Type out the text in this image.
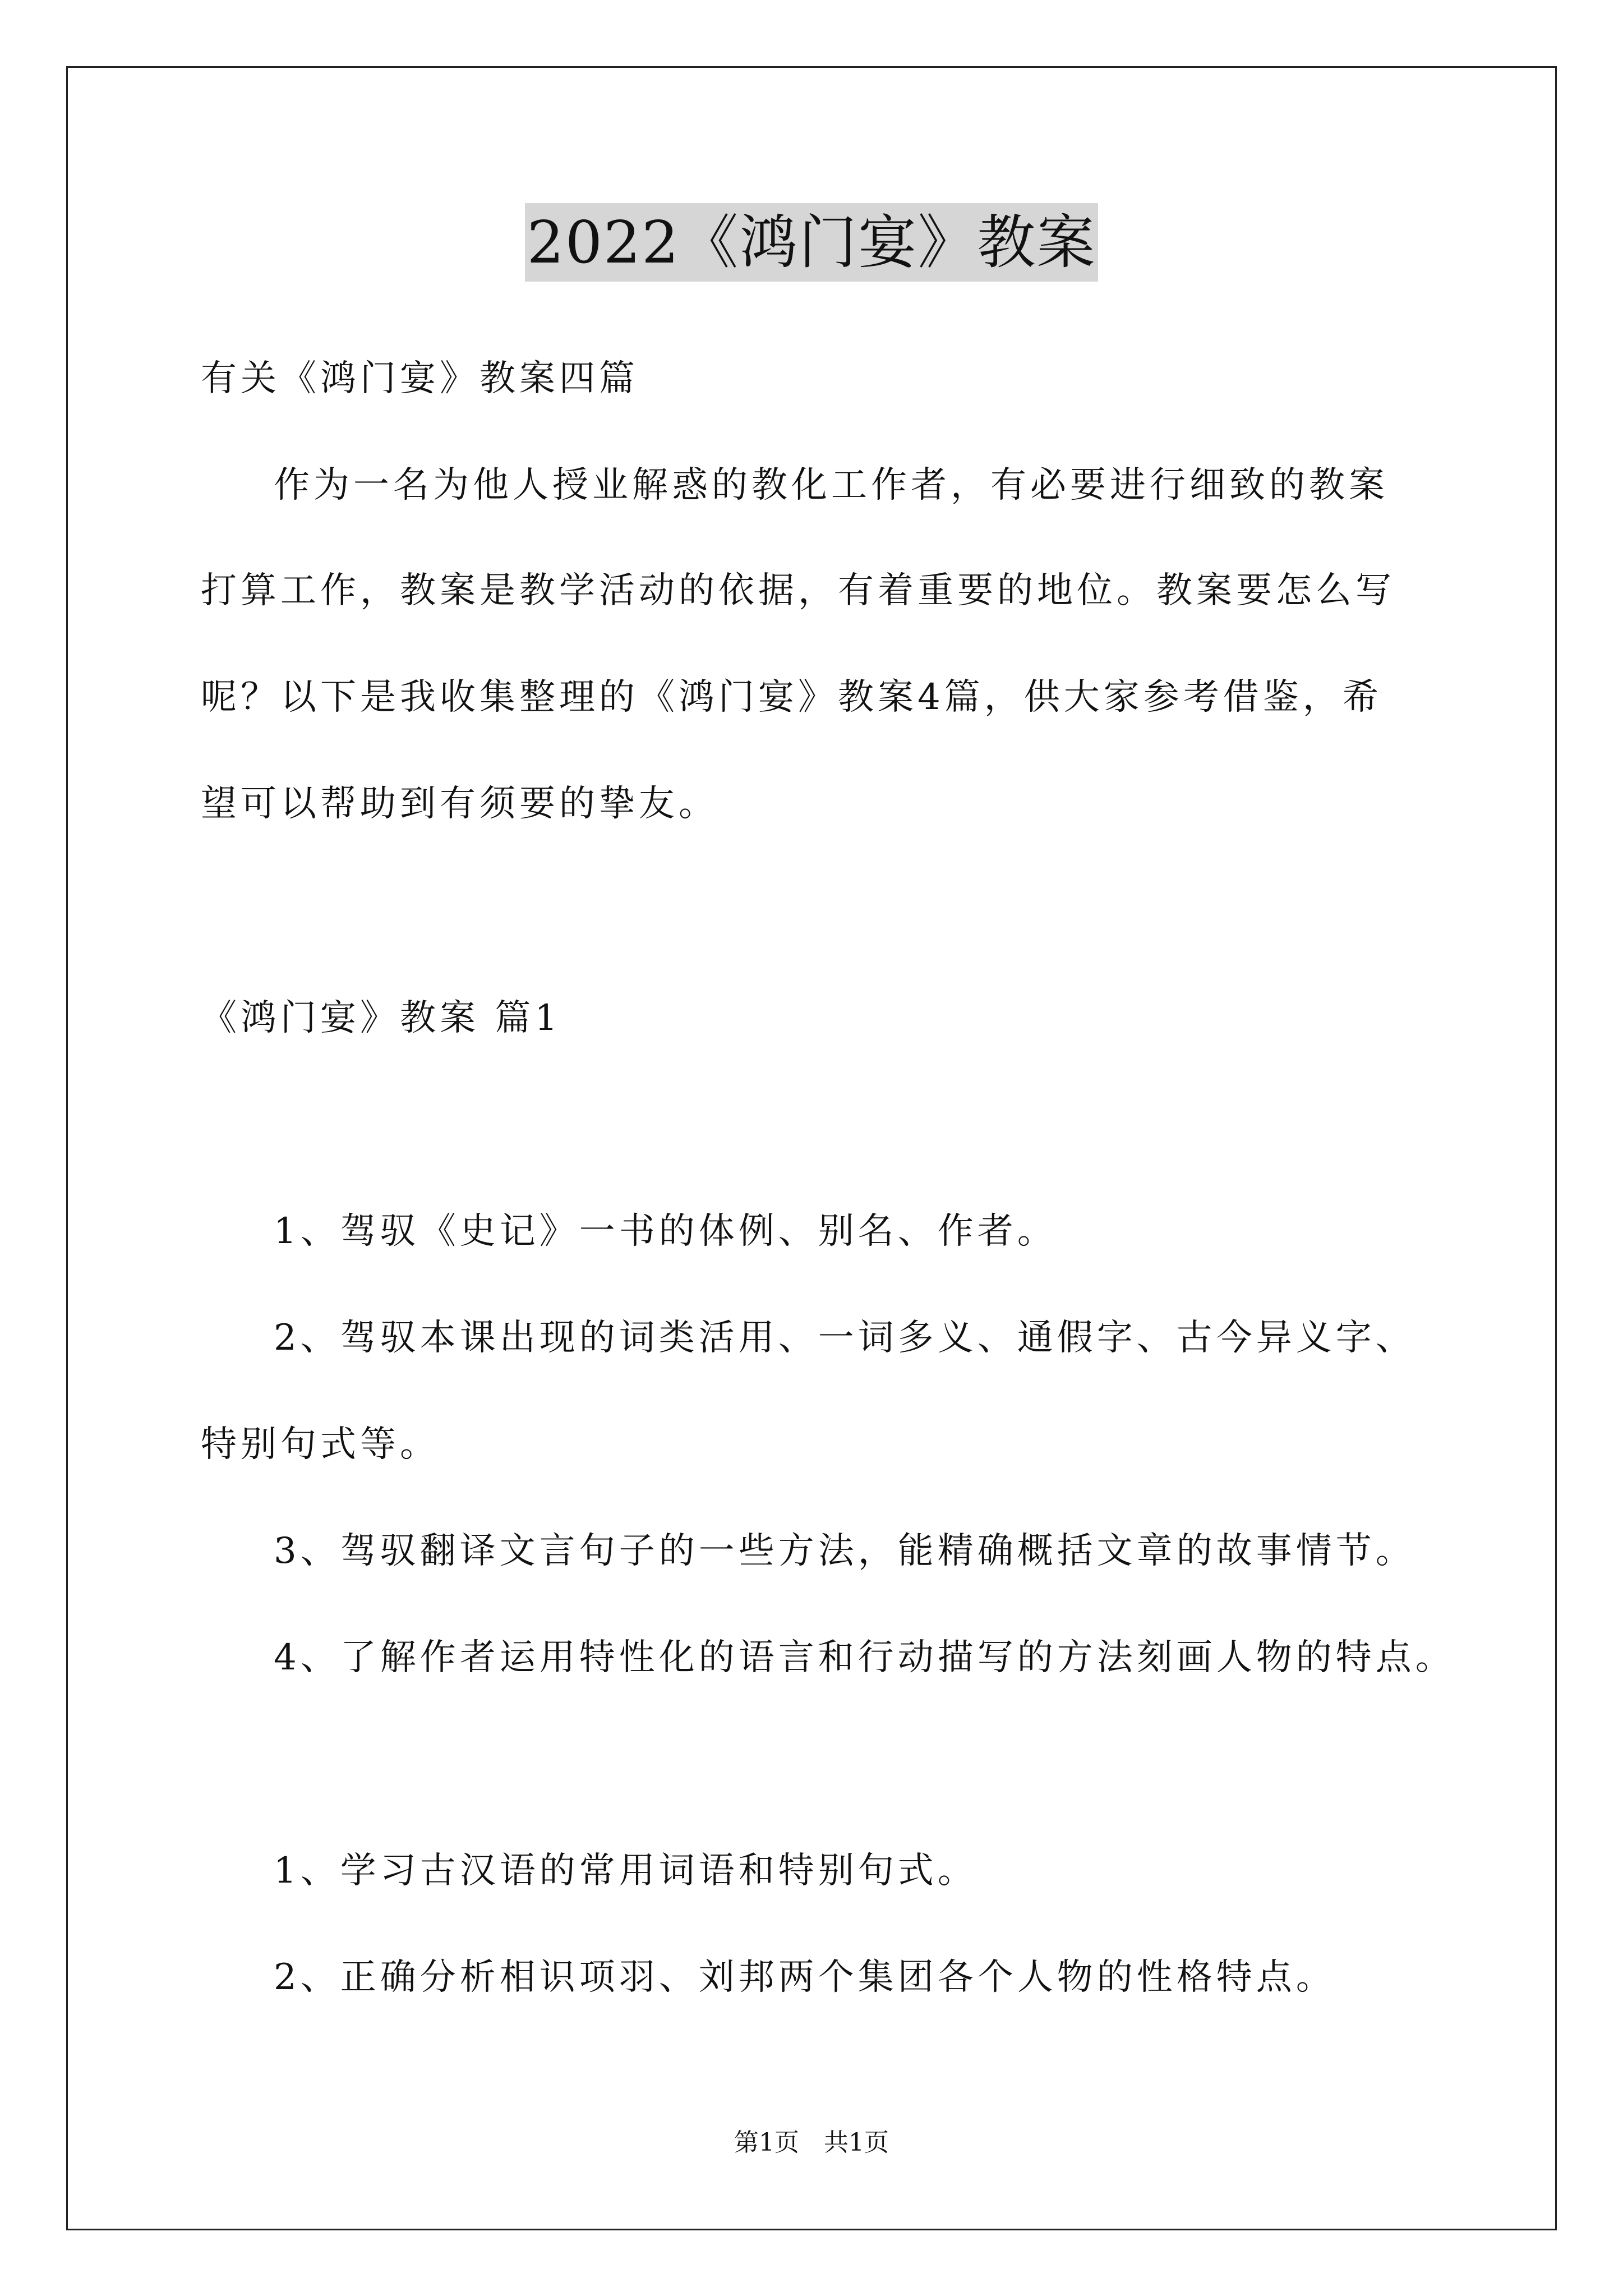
2022《鸿门宴》教案
有关《鸿门宴》教案四篇
作为一名为他人授业解惑的教化工作者，有必要进行细致的教案
打算工作，教案是教学活动的依据，有着重要的地位。教案要怎么写
呢？以下是我收集整理的《鸿门宴》教案4篇，供大家参考借鉴，希
望可以帮助到有须要的挚友。
《鸿门宴》教案 篇1
1、驾驭《史记》一书的体例、别名、作者。
2、驾驭本课出现的词类活用、一词多义、通假字、古今异义字、
特别句式等。
3、驾驭翻译文言句子的一些方法，能精确概括文章的故事情节。
4、了解作者运用特性化的语言和行动描写的方法刻画人物的特点。
1、学习古汉语的常用词语和特别句式。
2、正确分析相识项羽、刘邦两个集团各个人物的性格特点。
第1页　共1页
